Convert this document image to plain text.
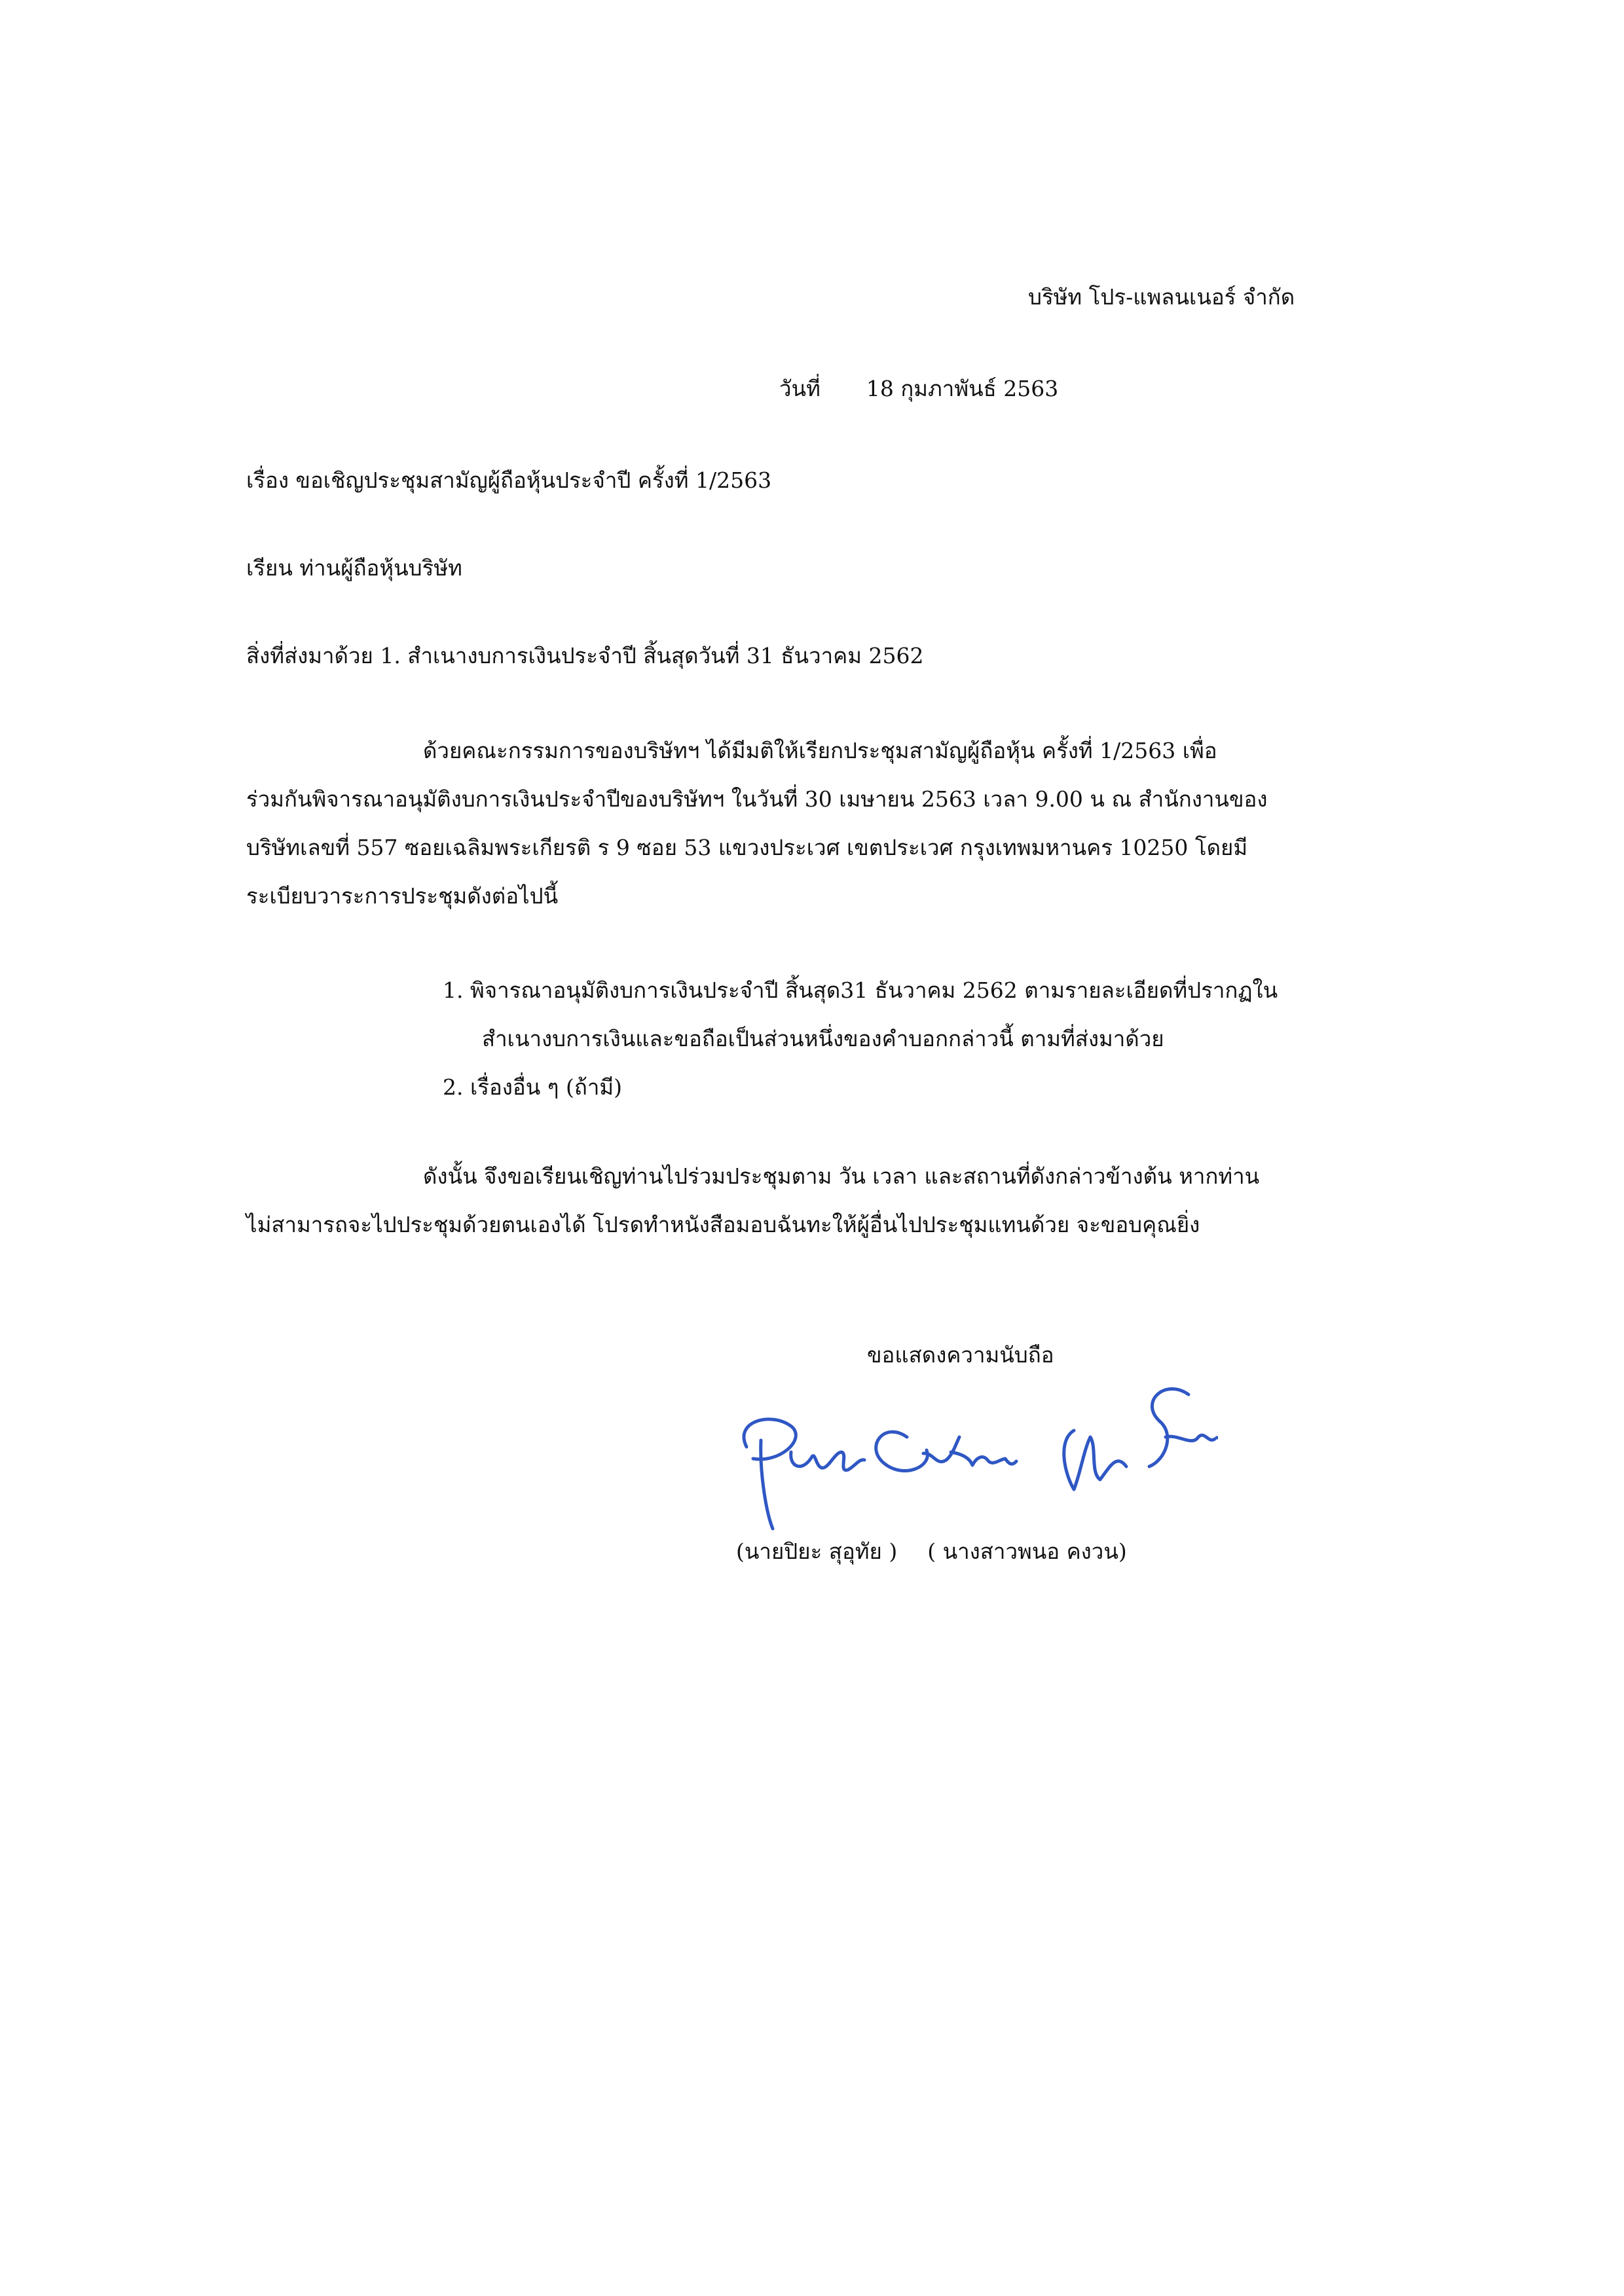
บริษัท โปร-แพลนเนอร์ จำกัด
วันที่ 18 กุมภาพันธ์ 2563
เรื่อง ขอเชิญประชุมสามัญผู้ถือหุ้นประจำปี ครั้งที่ 1/2563
เรียน ท่านผู้ถือหุ้นบริษัท
สิ่งที่ส่งมาด้วย 1. สำเนางบการเงินประจำปี สิ้นสุดวันที่ 31 ธันวาคม 2562

ด้วยคณะกรรมการของบริษัทฯ ได้มีมติให้เรียกประชุมสามัญผู้ถือหุ้น ครั้งที่ 1/2563 เพื่อ

ร่วมกันพิจารณาอนุมัติงบการเงินประจำปีของบริษัทฯ ในวันที่ 30 เมษายน 2563 เวลา 9.00 น ณ สำนักงานของ

บริษัทเลขที่ 557 ซอยเฉลิมพระเกียรติ ร 9 ซอย 53 แขวงประเวศ เขตประเวศ กรุงเทพมหานคร 10250 โดยมี

ระเบียบวาระการประชุมดังต่อไปนี้

1. พิจารณาอนุมัติงบการเงินประจำปี สิ้นสุด31 ธันวาคม 2562 ตามรายละเอียดที่ปรากฏใน
สำเนางบการเงินและขอถือเป็นส่วนหนึ่งของคำบอกกล่าวนี้ ตามที่ส่งมาด้วย
2. เรื่องอื่น ๆ (ถ้ามี)

ดังนั้น จึงขอเรียนเชิญท่านไปร่วมประชุมตาม วัน เวลา และสถานที่ดังกล่าวข้างต้น หากท่าน

ไม่สามารถจะไปประชุมด้วยตนเองได้ โปรดทำหนังสือมอบฉันทะให้ผู้อื่นไปประชุมแทนด้วย จะขอบคุณยิ่ง

ขอแสดงความนับถือ
(นายปิยะ สุอุทัย ) ( นางสาวพนอ คงวน)
